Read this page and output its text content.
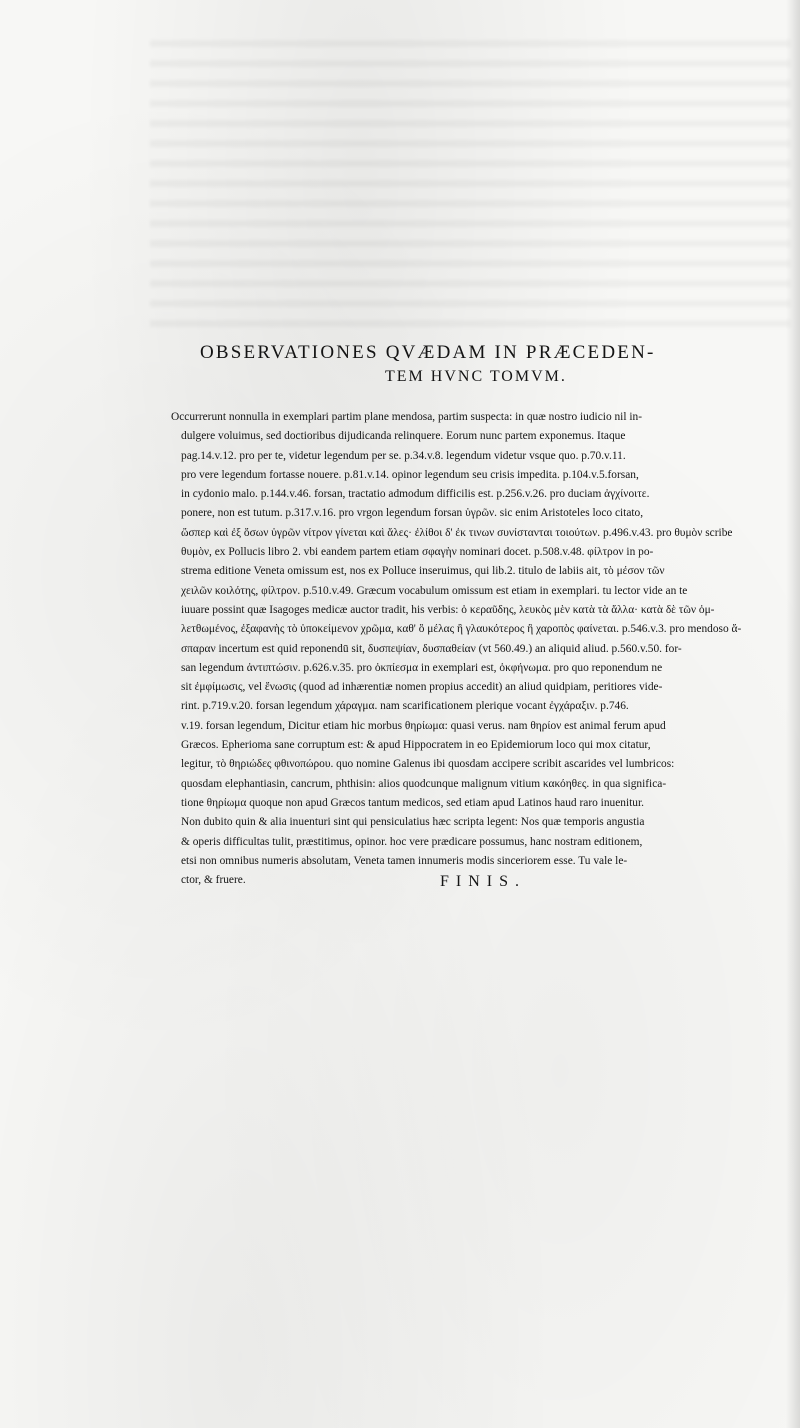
OBSERVATIONES QVÆDAM IN PRÆCEDEN-
TEM HVNC TOMVM.
Occurrerunt nonnulla in exemplari partim plane mendosa, partim suspecta: in quæ nostro iudicio nil in-
dulgere voluimus, sed doctioribus dijudicanda relinquere. Eorum nunc partem exponemus. Itaque
pag.14.v.12. pro per te, videtur legendum per se. p.34.v.8. legendum videtur vsque quo. p.70.v.11.
pro vere legendum fortasse nouere. p.81.v.14. opinor legendum seu crisis impedita. p.104.v.5.forsan,
in cydonio malo. p.144.v.46. forsan, tractatio admodum difficilis est. p.256.v.26. pro duciam ἀγχίνοιτε.
ponere, non est tutum. p.317.v.16. pro vrgon legendum forsan ὑγρῶν. sic enim Aristoteles loco citato,
ὥσπερ καὶ ἐξ ὅσων ὑγρῶν νίτρον γίνεται καὶ ἅλες· ἐλίθοι δ' ἐκ τινων συνίστανται τοιούτων. p.496.v.43. pro θυμὸν scribe
θυμὸν, ex Pollucis libro 2. vbi eandem partem etiam σφαγὴν nominari docet. p.508.v.48. φίλτρον in po-
strema editione Veneta omissum est, nos ex Polluce inseruimus, qui lib.2. titulo de labiis ait, τὸ μέσον τῶν
χειλῶν κοιλότης, φίλτρον. p.510.v.49. Græcum vocabulum omissum est etiam in exemplari. tu lector vide an te
iuuare possint quæ Isagoges medicæ auctor tradit, his verbis: ὁ κεραῦδης, λευκὸς μὲν κατὰ τὰ ἄλλα· κατὰ δὲ τῶν ὀμ-
λετθωμένος, ἐξαφανὴς τὸ ὑποκείμενον χρῶμα, καθ' ὃ μέλας ἢ γλαυκότερος ἢ χαροπὸς φαίνεται. p.546.v.3. pro mendoso ἄ-
σπαραν incertum est quid reponendū sit, δυσπεψίαν, δυσπαθείαν (vt 560.49.) an aliquid aliud. p.560.v.50. for-
san legendum ἀντιπτώσιν. p.626.v.35. pro ὀκπίεσμα in exemplari est, ὀκφήνωμα. pro quo reponendum ne
sit ἐμφίμωσις, vel ἔνωσις (quod ad inhærentiæ nomen propius accedit) an aliud quidpiam, peritiores vide-
rint. p.719.v.20. forsan legendum χάραγμα. nam scarificationem plerique vocant ἐγχάραξιν. p.746.
v.19. forsan legendum, Dicitur etiam hic morbus θηρίωμα: quasi verus. nam θηρίον est animal ferum apud
Græcos. Epherioma sane corruptum est: & apud Hippocratem in eo Epidemiorum loco qui mox citatur,
legitur, τὸ θηριώδες φθινοπώρου. quo nomine Galenus ibi quosdam accipere scribit ascarides vel lumbricos:
quosdam elephantiasin, cancrum, phthisin: alios quodcunque malignum vitium κακόηθες. in qua significa-
tione θηρίωμα quoque non apud Græcos tantum medicos, sed etiam apud Latinos haud raro inuenitur.
Non dubito quin & alia inuenturi sint qui pensiculatius hæc scripta legent: Nos quæ temporis angustia
& operis difficultas tulit, præstitimus, opinor. hoc vere prædicare possumus, hanc nostram editionem,
etsi non omnibus numeris absolutam, Veneta tamen innumeris modis sinceriorem esse. Tu vale le-
ctor, & fruere.	FINIS.
